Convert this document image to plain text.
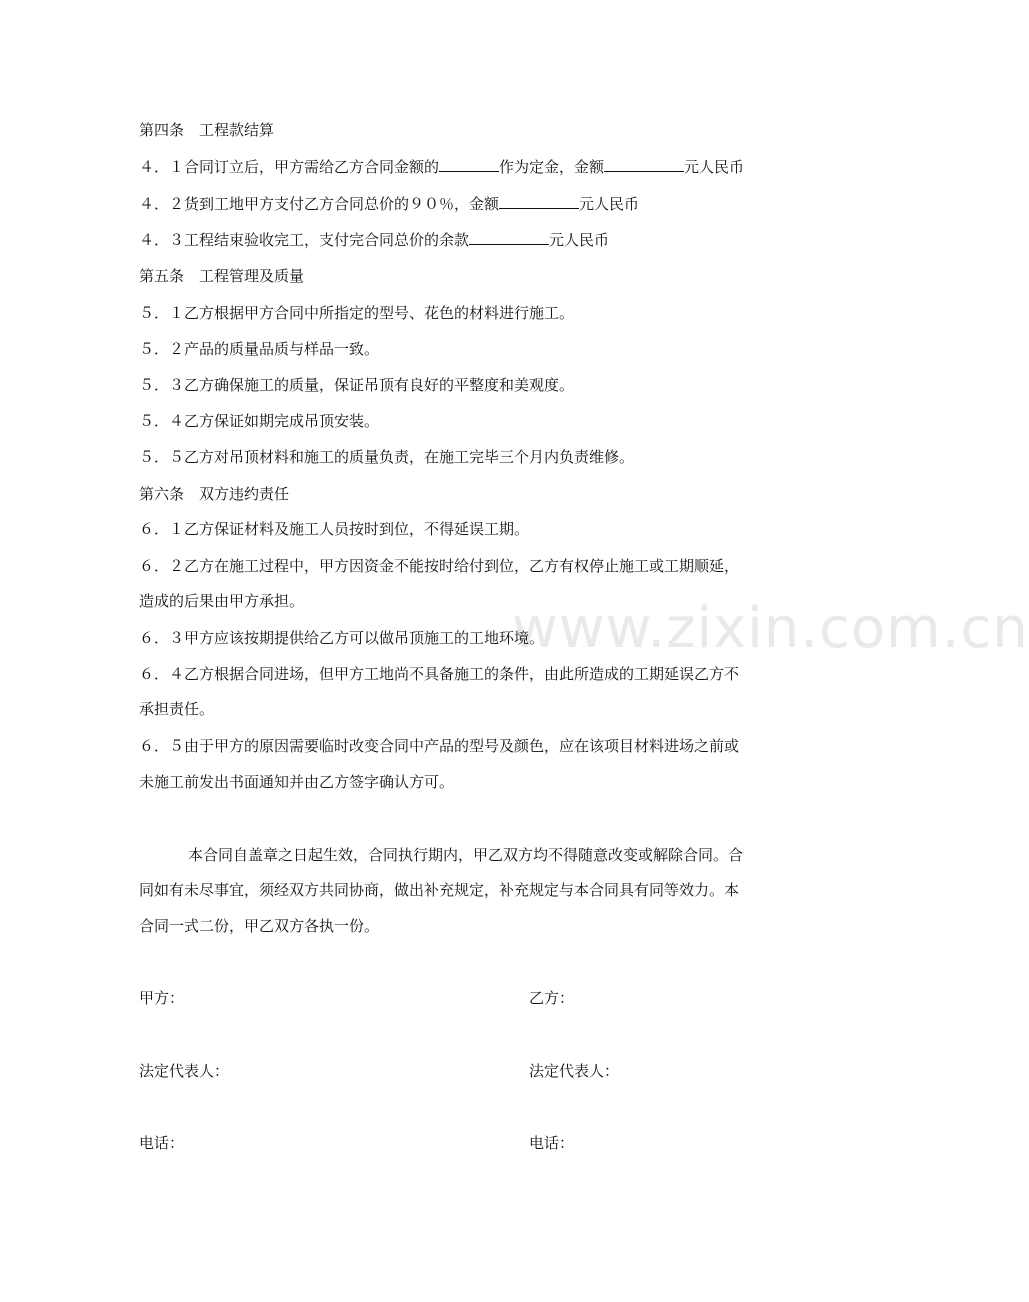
www.zixin.com.cn
第四条　工程款结算
４．１合同订立后，甲方需给乙方合同金额的	作为定金，金额	元人民币
４．２货到工地甲方支付乙方合同总价的９０％，金额	元人民币
４．３工程结束验收完工，支付完合同总价的余款	元人民币
第五条　工程管理及质量
５．１乙方根据甲方合同中所指定的型号、花色的材料进行施工。
５．２产品的质量品质与样品一致。
５．３乙方确保施工的质量，保证吊顶有良好的平整度和美观度。
５．４乙方保证如期完成吊顶安装。
５．５乙方对吊顶材料和施工的质量负责，在施工完毕三个月内负责维修。
第六条　双方违约责任
６．１乙方保证材料及施工人员按时到位，不得延误工期。
６．２乙方在施工过程中，甲方因资金不能按时给付到位，乙方有权停止施工或工期顺延，
造成的后果由甲方承担。
６．３甲方应该按期提供给乙方可以做吊顶施工的工地环境。
６．４乙方根据合同进场，但甲方工地尚不具备施工的条件，由此所造成的工期延误乙方不
承担责任。
６．５由于甲方的原因需要临时改变合同中产品的型号及颜色，应在该项目材料进场之前或
未施工前发出书面通知并由乙方签字确认方可。
本合同自盖章之日起生效，合同执行期内，甲乙双方均不得随意改变或解除合同。合
同如有未尽事宜，须经双方共同协商，做出补充规定，补充规定与本合同具有同等效力。本
合同一式二份，甲乙双方各执一份。
甲方：	乙方：
法定代表人：	法定代表人：
电话：	电话：
